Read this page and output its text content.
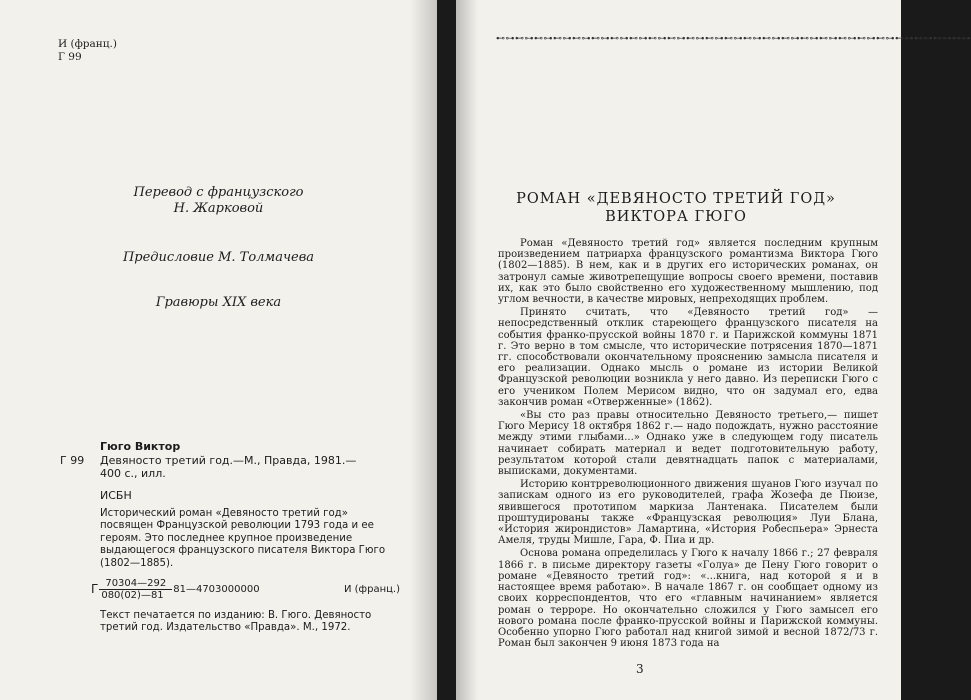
И (франц.)
Г 99
Перевод с французского
Н. Жарковой
Предисловие М. Толмачева
Гравюры XIX века
Гюго Виктор
Г 99	Девяносто третий год.—М., Правда, 1981.—
400 с., илл.
ИСБН
Исторический роман «Девяносто третий год» посвящен Французской революции 1793 года и ее героям. Это последнее крупное произведение выдающегося французского писателя Виктора Гюго (1802—1885).
Г $\frac{70304—292}{080(02)—81}$ 81—4703000000	И (франц.)
Текст печатается по изданию: В. Гюго. Девяносто третий год. Издательство «Правда». М., 1972.
⊷⊶⊷⊶⊷⊶⊷⊶⊷⊶⊷⊶⊷⊶⊷⊶⊷⊶⊷⊶⊷⊶⊷⊶⊷⊶⊷⊶⊷⊶⊷⊶⊷⊶⊷⊶⊷⊶⊷⊶⊷⊶⊷⊶⊷⊶⊷⊶⊷⊶
РОМАН «ДЕВЯНОСТО ТРЕТИЙ ГОД»
ВИКТОРА ГЮГО

Роман «Девяносто третий год» является последним крупным произведением патриарха французского романтизма Виктора Гюго (1802—1885). В нем, как и в других его исторических романах, он затронул самые животрепещущие вопросы своего времени, поставив их, как это было свойственно его художественному мышлению, под углом вечности, в качестве мировых, непреходящих проблем.

Принято считать, что «Девяносто третий год» — непосредственный отклик стареющего французского писателя на события франко-прусской войны 1870 г. и Парижской коммуны 1871 г. Это верно в том смысле, что исторические потрясения 1870—1871 гг. способствовали окончательному прояснению замысла писателя и его реализации. Однако мысль о романе из истории Великой Французской революции возникла у него давно. Из переписки Гюго с его учеником Полем Мерисом видно, что он задумал его, едва закончив роман «Отверженные» (1862).

«Вы сто раз правы относительно Девяносто третьего,— пишет Гюго Мерису 18 октября 1862 г.— надо подождать, нужно расстояние между этими глыбами...» Однако уже в следующем году писатель начинает собирать материал и ведет подготовительную работу, результатом которой стали девятнадцать папок с материалами, выписками, документами.

Историю контрреволюционного движения шуанов Гюго изучал по запискам одного из его руководителей, графа Жозефа де Пюизе, явившегося прототипом маркиза Лантенака. Писателем были проштудированы также «Французская революция» Луи Блана, «История жирондистов» Ламартина, «История Робеспьера» Эрнеста Амеля, труды Мишле, Гара, Ф. Пиа и др.

Основа романа определилась у Гюго к началу 1866 г.; 27 февраля 1866 г. в письме директору газеты «Голуа» де Пену Гюго говорит о романе «Девяносто третий год»: «...книга, над которой я и в настоящее время работаю». В начале 1867 г. он сообщает одному из своих корреспондентов, что его «главным начинанием» является роман о терроре. Но окончательно сложился у Гюго замысел его нового романа после франко-прусской войны и Парижской коммуны. Особенно упорно Гюго работал над книгой зимой и весной 1872/73 г. Роман был закончен 9 июня 1873 года на

3
